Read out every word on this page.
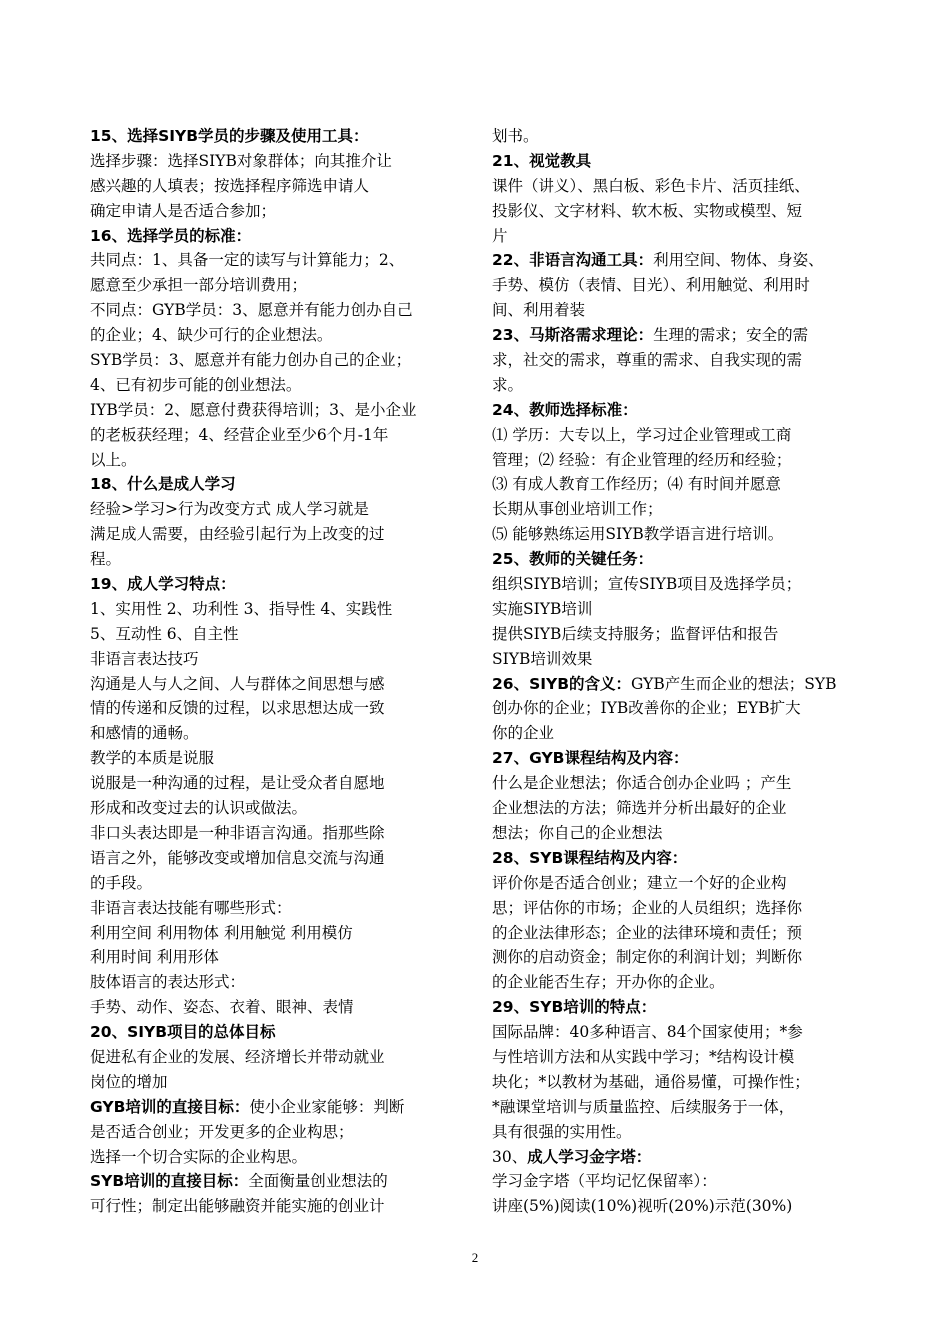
15、选择SIYB学员的步骤及使用工具：
选择步骤：选择SIYB对象群体；向其推介让
感兴趣的人填表；按选择程序筛选申请人
确定申请人是否适合参加；
16、选择学员的标准：
共同点：1、具备一定的读写与计算能力；2、
愿意至少承担一部分培训费用；
不同点：GYB学员：3、愿意并有能力创办自己
的企业；4、缺少可行的企业想法。
SYB学员：3、愿意并有能力创办自己的企业；
4、已有初步可能的创业想法。
IYB学员：2、愿意付费获得培训；3、是小企业
的老板获经理；4、经营企业至少6个月-1年
以上。
18、什么是成人学习
经验>学习>行为改变方式 成人学习就是
满足成人需要，由经验引起行为上改变的过
程。
19、成人学习特点：
1、实用性 2、功利性 3、指导性 4、实践性
5、互动性 6、自主性
非语言表达技巧
沟通是人与人之间、人与群体之间思想与感
情的传递和反馈的过程，以求思想达成一致
和感情的通畅。
教学的本质是说服
说服是一种沟通的过程，是让受众者自愿地
形成和改变过去的认识或做法。
非口头表达即是一种非语言沟通。指那些除
语言之外，能够改变或增加信息交流与沟通
的手段。
非语言表达技能有哪些形式：
利用空间 利用物体 利用触觉 利用模仿
利用时间 利用形体
肢体语言的表达形式：
手势、动作、姿态、衣着、眼神、表情
20、SIYB项目的总体目标
促进私有企业的发展、经济增长并带动就业
岗位的增加
GYB培训的直接目标：使小企业家能够：判断
是否适合创业；开发更多的企业构思；
选择一个切合实际的企业构思。
SYB培训的直接目标：全面衡量创业想法的
可行性；制定出能够融资并能实施的创业计
划书。
21、视觉教具
课件（讲义）、黑白板、彩色卡片、活页挂纸、
投影仪、文字材料、软木板、实物或模型、短
片
22、非语言沟通工具：利用空间、物体、身姿、
手势、模仿（表情、目光）、利用触觉、利用时
间、利用着装
23、马斯洛需求理论：生理的需求；安全的需
求，社交的需求，尊重的需求、自我实现的需
求。
24、教师选择标准：
⑴ 学历：大专以上，学习过企业管理或工商
管理；⑵ 经验：有企业管理的经历和经验；
⑶ 有成人教育工作经历；⑷ 有时间并愿意
长期从事创业培训工作；
⑸ 能够熟练运用SIYB教学语言进行培训。
25、教师的关键任务：
组织SIYB培训；宣传SIYB项目及选择学员；
实施SIYB培训
提供SIYB后续支持服务；监督评估和报告
SIYB培训效果
26、SIYB的含义：GYB产生而企业的想法；SYB
创办你的企业；IYB改善你的企业；EYB扩大
你的企业
27、GYB课程结构及内容：
什么是企业想法；你适合创办企业吗 ；产生
企业想法的方法；筛选并分析出最好的企业
想法；你自己的企业想法
28、SYB课程结构及内容：
评价你是否适合创业；建立一个好的企业构
思；评估你的市场；企业的人员组织；选择你
的企业法律形态；企业的法律环境和责任；预
测你的启动资金；制定你的利润计划；判断你
的企业能否生存；开办你的企业。
29、SYB培训的特点：
国际品牌：40多种语言、84个国家使用；*参
与性培训方法和从实践中学习；*结构设计模
块化；*以教材为基础，通俗易懂，可操作性；
*融课堂培训与质量监控、后续服务于一体，
具有很强的实用性。
30、成人学习金字塔：
学习金字塔（平均记忆保留率）：
讲座(5%)阅读(10%)视听(20%)示范(30%)
2
